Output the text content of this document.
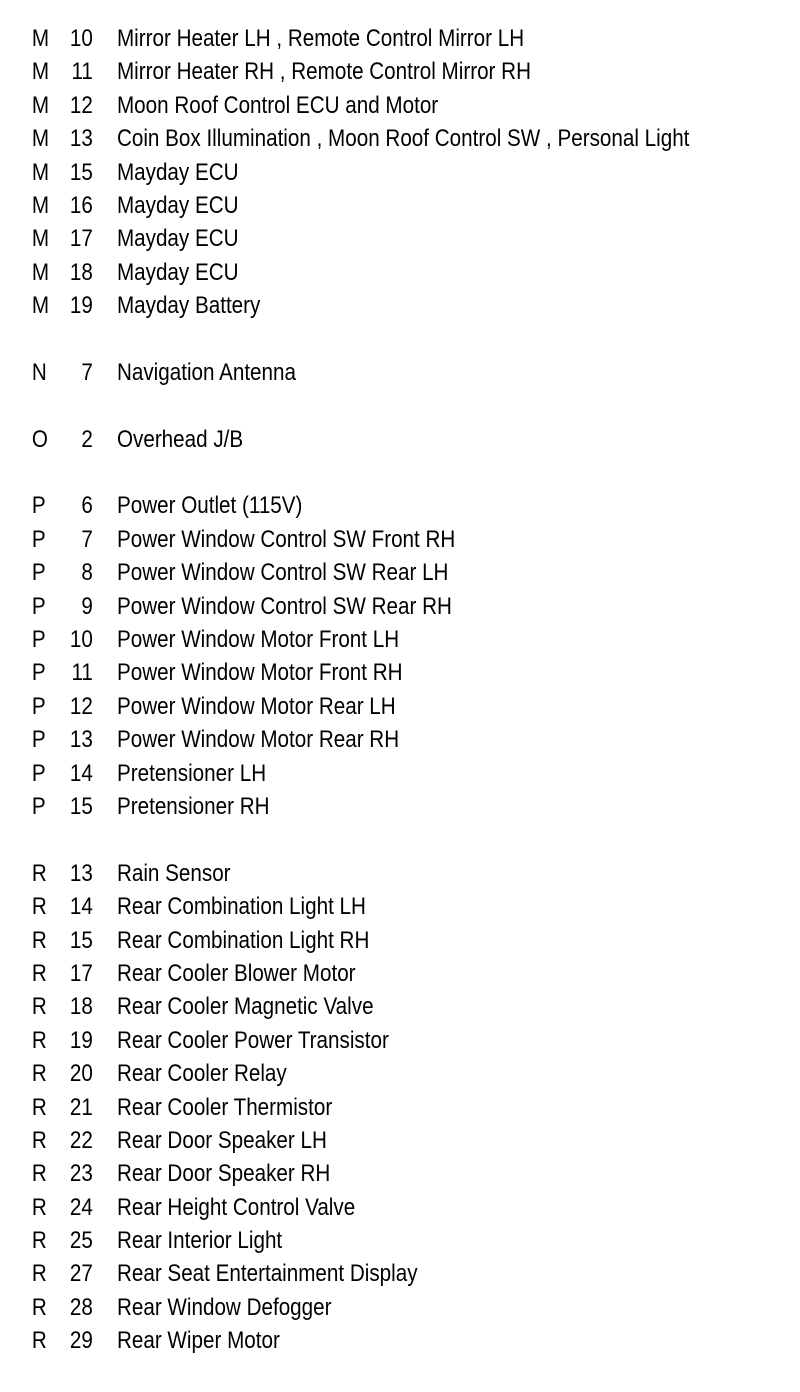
M 10 Mirror Heater LH , Remote Control Mirror LH
M 11 Mirror Heater RH , Remote Control Mirror RH
M 12 Moon Roof Control ECU and Motor
M 13 Coin Box Illumination , Moon Roof Control SW , Personal Light
M 15 Mayday ECU
M 16 Mayday ECU
M 17 Mayday ECU
M 18 Mayday ECU
M 19 Mayday Battery
N	7 Navigation Antenna
O	2 Overhead J/B
P	6 Power Outlet (115V)
P	7 Power Window Control SW Front RH
P	8 Power Window Control SW Rear LH
P	9 Power Window Control SW Rear RH
P	10 Power Window Motor Front LH
P	11 Power Window Motor Front RH
P	12 Power Window Motor Rear LH
P	13 Power Window Motor Rear RH
P	14 Pretensioner LH
P	15 Pretensioner RH
R 13 Rain Sensor
R 14 Rear Combination Light LH
R 15 Rear Combination Light RH
R 17 Rear Cooler Blower Motor
R 18 Rear Cooler Magnetic Valve
R 19 Rear Cooler Power Transistor
R 20 Rear Cooler Relay
R 21 Rear Cooler Thermistor
R 22 Rear Door Speaker LH
R 23 Rear Door Speaker RH
R 24 Rear Height Control Valve
R 25 Rear Interior Light
R 27 Rear Seat Entertainment Display
R 28 Rear Window Defogger
R 29 Rear Wiper Motor
